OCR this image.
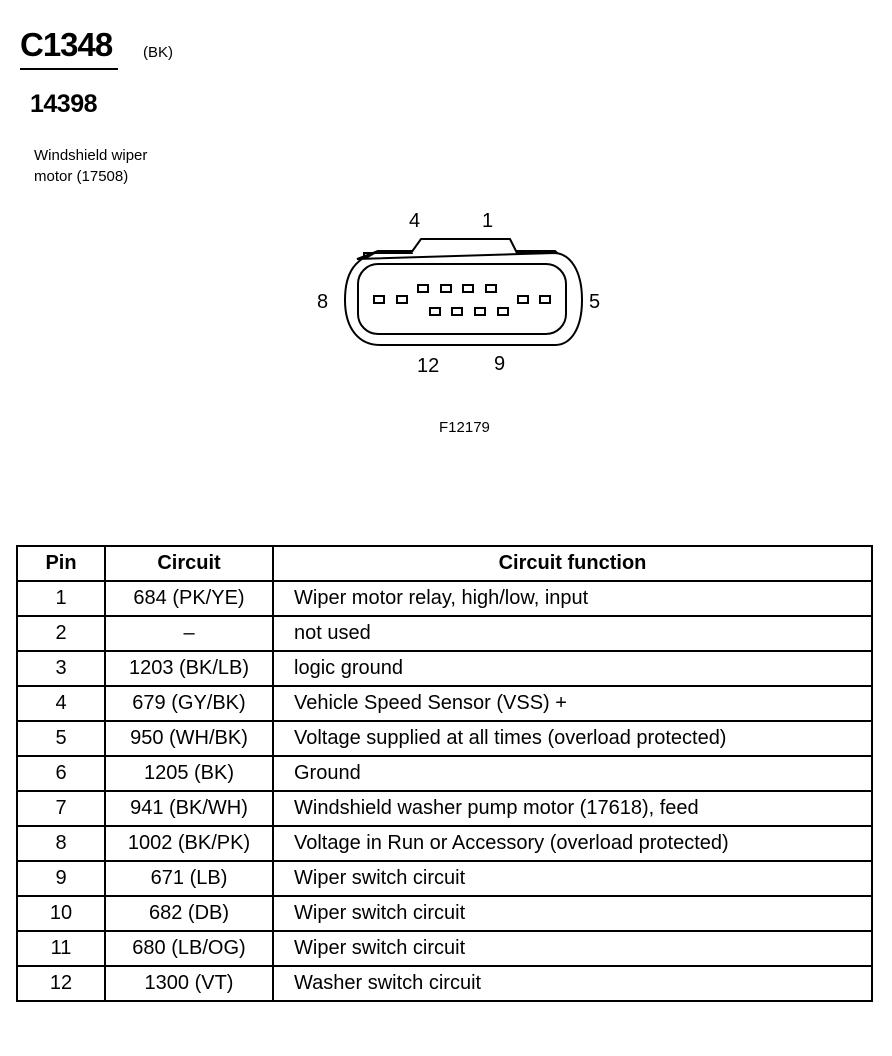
C1348 (BK)
14398
Windshield wiper
motor (17508)
4	1
8	5
12	9
F12179
Pin	Circuit	Circuit function
1	684 (PK/YE)	Wiper motor relay, high/low, input
2	–	not used
3	1203 (BK/LB)	logic ground
4	679 (GY/BK)	Vehicle Speed Sensor (VSS) +
5	950 (WH/BK)	Voltage supplied at all times (overload protected)
6	1205 (BK)	Ground
7	941 (BK/WH)	Windshield washer pump motor (17618), feed
8	1002 (BK/PK)	Voltage in Run or Accessory (overload protected)
9	671 (LB)	Wiper switch circuit
10	682 (DB)	Wiper switch circuit
11	680 (LB/OG)	Wiper switch circuit
12	1300 (VT)	Washer switch circuit
